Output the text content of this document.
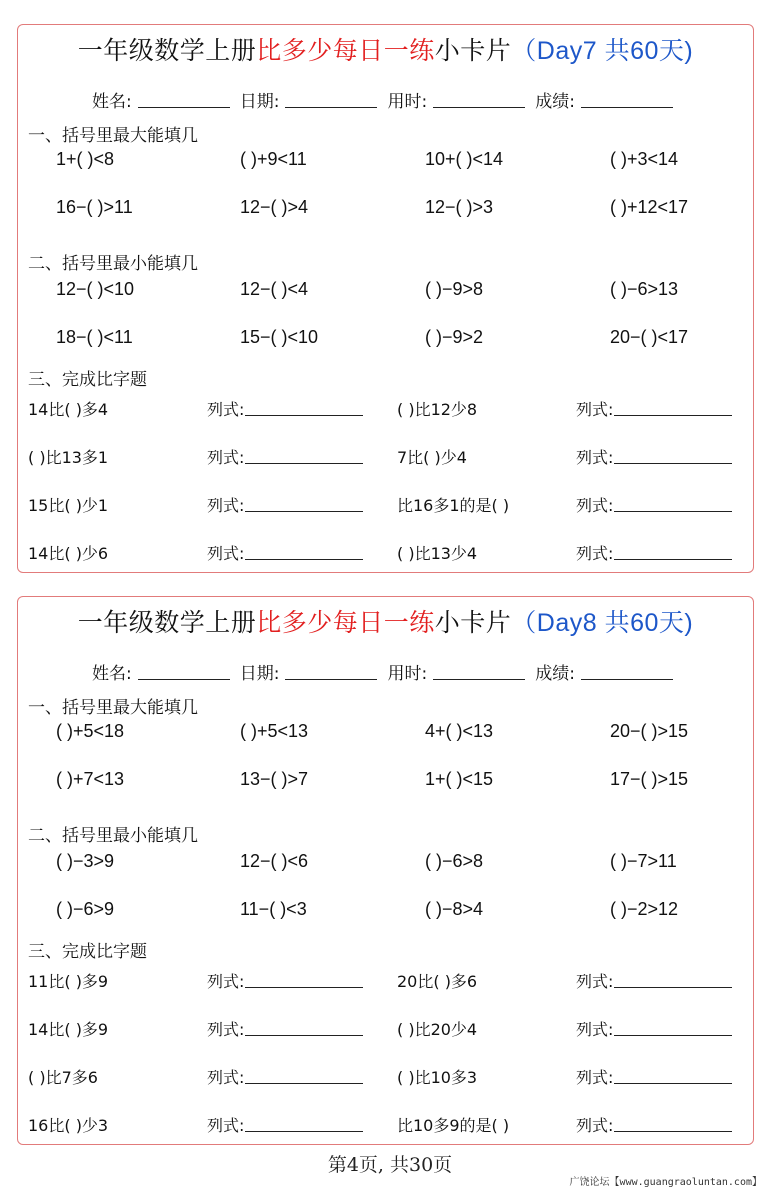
一年级数学上册比多少每日一练小卡片（Day7 共60天)
姓名:	日期:	用时:	成绩:
一、括号里最大能填几
1+( )<8	( )+9<11	10+( )<14	( )+3<14
16−( )>11	12−( )>4	12−( )>3	( )+12<17
二、括号里最小能填几
12−( )<10	12−( )<4	( )−9>8	( )−6>13
18−( )<11	15−( )<10	( )−9>2	20−( )<17
三、完成比字题
14比( )多4	列式:	( )比12少8	列式:
( )比13多1	列式:	7比( )少4	列式:
15比( )少1	列式:	比16多1的是( )	列式:
14比( )少6	列式:	( )比13少4	列式:
一年级数学上册比多少每日一练小卡片（Day8 共60天)
姓名:	日期:	用时:	成绩:
一、括号里最大能填几
( )+5<18	( )+5<13	4+( )<13	20−( )>15
( )+7<13	13−( )>7	1+( )<15	17−( )>15
二、括号里最小能填几
( )−3>9	12−( )<6	( )−6>8	( )−7>11
( )−6>9	11−( )<3	( )−8>4	( )−2>12
三、完成比字题
11比( )多9	列式:	20比( )多6	列式:
14比( )多9	列式:	( )比20少4	列式:
( )比7多6	列式:	( )比10多3	列式:
16比( )少3	列式:	比10多9的是( )	列式:
第4页, 共30页
广饶论坛【www.guangraoluntan.com】
